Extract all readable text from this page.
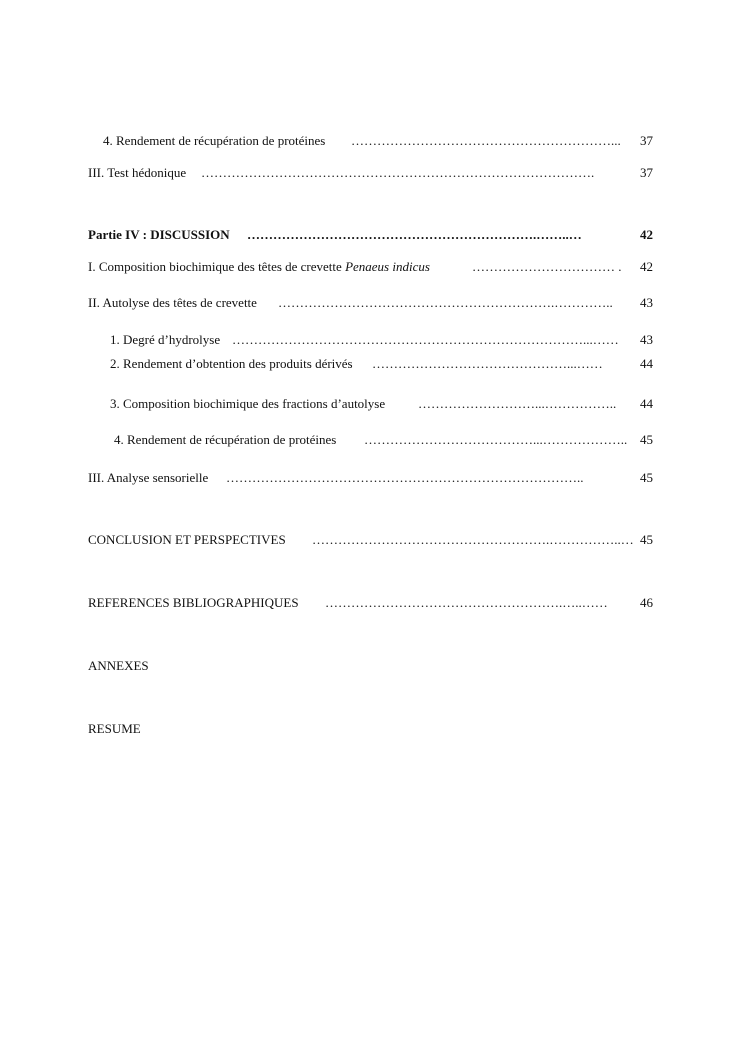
4. Rendement de récupération de protéines ……………………………………………………... 37
III. Test hédonique ……………………………………………………………………………….	37
Partie IV : DISCUSSION ………………………………………………………….……..…	42
I. Composition biochimique des têtes de crevette Penaeus indicus	…………………………… . 42
II. Autolyse des têtes de crevette ……………………………………………………….………….. 43
1. Degré d’hydrolyse ………………………………………………………………………...…… 43
2. Rendement d’obtention des produits dérivés ………………………………………...……	44
3. Composition biochimique des fractions d’autolyse	………………………...…………….. 44
4. Rendement de récupération de protéines …………………………………...……………….. 45
III. Analyse sensorielle ………………………………………………………………………..	45
CONCLUSION ET PERSPECTIVES ……………………………………………….……………..… 45
REFERENCES BIBLIOGRAPHIQUES ……………………………………………….…..…… 46
ANNEXES
RESUME
